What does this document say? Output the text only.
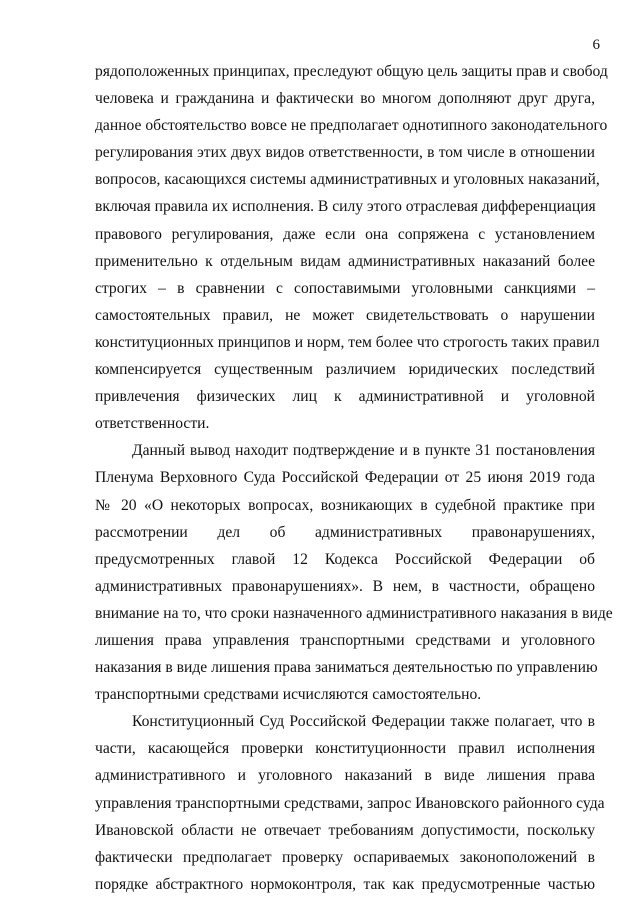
6
рядоположенных принципах, преследуют общую цель защиты прав и свобод
человека и гражданина и фактически во многом дополняют друг друга,
данное обстоятельство вовсе не предполагает однотипного законодательного
регулирования этих двух видов ответственности, в том числе в отношении
вопросов, касающихся системы административных и уголовных наказаний,
включая правила их исполнения. В силу этого отраслевая дифференциация
правового регулирования, даже если она сопряжена с установлением
применительно к отдельным видам административных наказаний более
строгих – в сравнении с сопоставимыми уголовными санкциями –
самостоятельных правил, не может свидетельствовать о нарушении
конституционных принципов и норм, тем более что строгость таких правил
компенсируется существенным различием юридических последствий
привлечения физических лиц к административной и уголовной
ответственности.
Данный вывод находит подтверждение и в пункте 31 постановления
Пленума Верховного Суда Российской Федерации от 25 июня 2019 года
№ 20 «О некоторых вопросах, возникающих в судебной практике при
рассмотрении дел об административных правонарушениях,
предусмотренных главой 12 Кодекса Российской Федерации об
административных правонарушениях». В нем, в частности, обращено
внимание на то, что сроки назначенного административного наказания в виде
лишения права управления транспортными средствами и уголовного
наказания в виде лишения права заниматься деятельностью по управлению
транспортными средствами исчисляются самостоятельно.
Конституционный Суд Российской Федерации также полагает, что в
части, касающейся проверки конституционности правил исполнения
административного и уголовного наказаний в виде лишения права
управления транспортными средствами, запрос Ивановского районного суда
Ивановской области не отвечает требованиям допустимости, поскольку
фактически предполагает проверку оспариваемых законоположений в
порядке абстрактного нормоконтроля, так как предусмотренные частью
